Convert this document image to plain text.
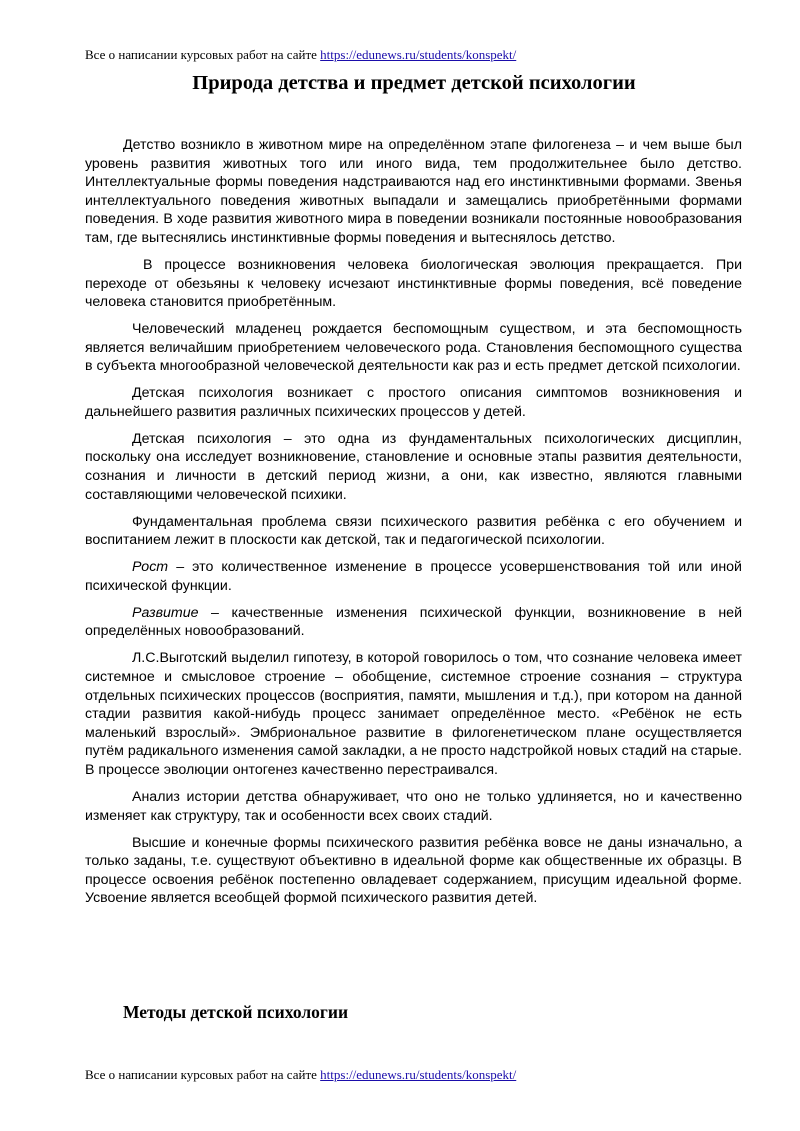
Все о написании курсовых работ на сайте https://edunews.ru/students/konspekt/
Природа детства и предмет детской психологии

Детство возникло в животном мире на определённом этапе филогенеза – и чем выше был уровень развития животных того или иного вида, тем продолжительнее было детство. Интеллектуальные формы поведения надстраиваются над его инстинктивными формами. Звенья интеллектуального поведения животных выпадали и замещались приобретёнными формами поведения. В ходе развития животного мира в поведении возникали постоянные новообразования там, где вытеснялись инстинктивные формы поведения и вытеснялось детство.

В процессе возникновения человека биологическая эволюция прекращается. При переходе от обезьяны к человеку исчезают инстинктивные формы поведения, всё поведение человека становится приобретённым.

Человеческий младенец рождается беспомощным существом, и эта беспомощность является величайшим приобретением человеческого рода. Становления беспомощного существа в субъекта многообразной человеческой деятельности как раз и есть предмет детской психологии.

Детская психология возникает с простого описания симптомов возникновения и дальнейшего развития различных психических процессов у детей.

Детская психология – это одна из фундаментальных психологических дисциплин, поскольку она исследует возникновение, становление и основные этапы развития деятельности, сознания и личности в детский период жизни, а они, как известно, являются главными составляющими человеческой психики.

Фундаментальная проблема связи психического развития ребёнка с его обучением и воспитанием лежит в плоскости как детской, так и педагогической психологии.

Рост – это количественное изменение в процессе усовершенствования той или иной психической функции.

Развитие – качественные изменения психической функции, возникновение в ней определённых новообразований.

Л.С.Выготский выделил гипотезу, в которой говорилось о том, что сознание человека имеет системное и смысловое строение – обобщение, системное строение сознания – структура отдельных психических процессов (восприятия, памяти, мышления и т.д.), при котором на данной стадии развития какой-нибудь процесс занимает определённое место. «Ребёнок не есть маленький взрослый». Эмбриональное развитие в филогенетическом плане осуществляется путём радикального изменения самой закладки, а не просто надстройкой новых стадий на старые. В процессе эволюции онтогенез качественно перестраивался.

Анализ истории детства обнаруживает, что оно не только удлиняется, но и качественно изменяет как структуру, так и особенности всех своих стадий.

Высшие и конечные формы психического развития ребёнка вовсе не даны изначально, а только заданы, т.е. существуют объективно в идеальной форме как общественные их образцы. В процессе освоения ребёнок постепенно овладевает содержанием, присущим идеальной форме. Усвоение является всеобщей формой психического развития детей.

Методы детской психологии
Все о написании курсовых работ на сайте https://edunews.ru/students/konspekt/
